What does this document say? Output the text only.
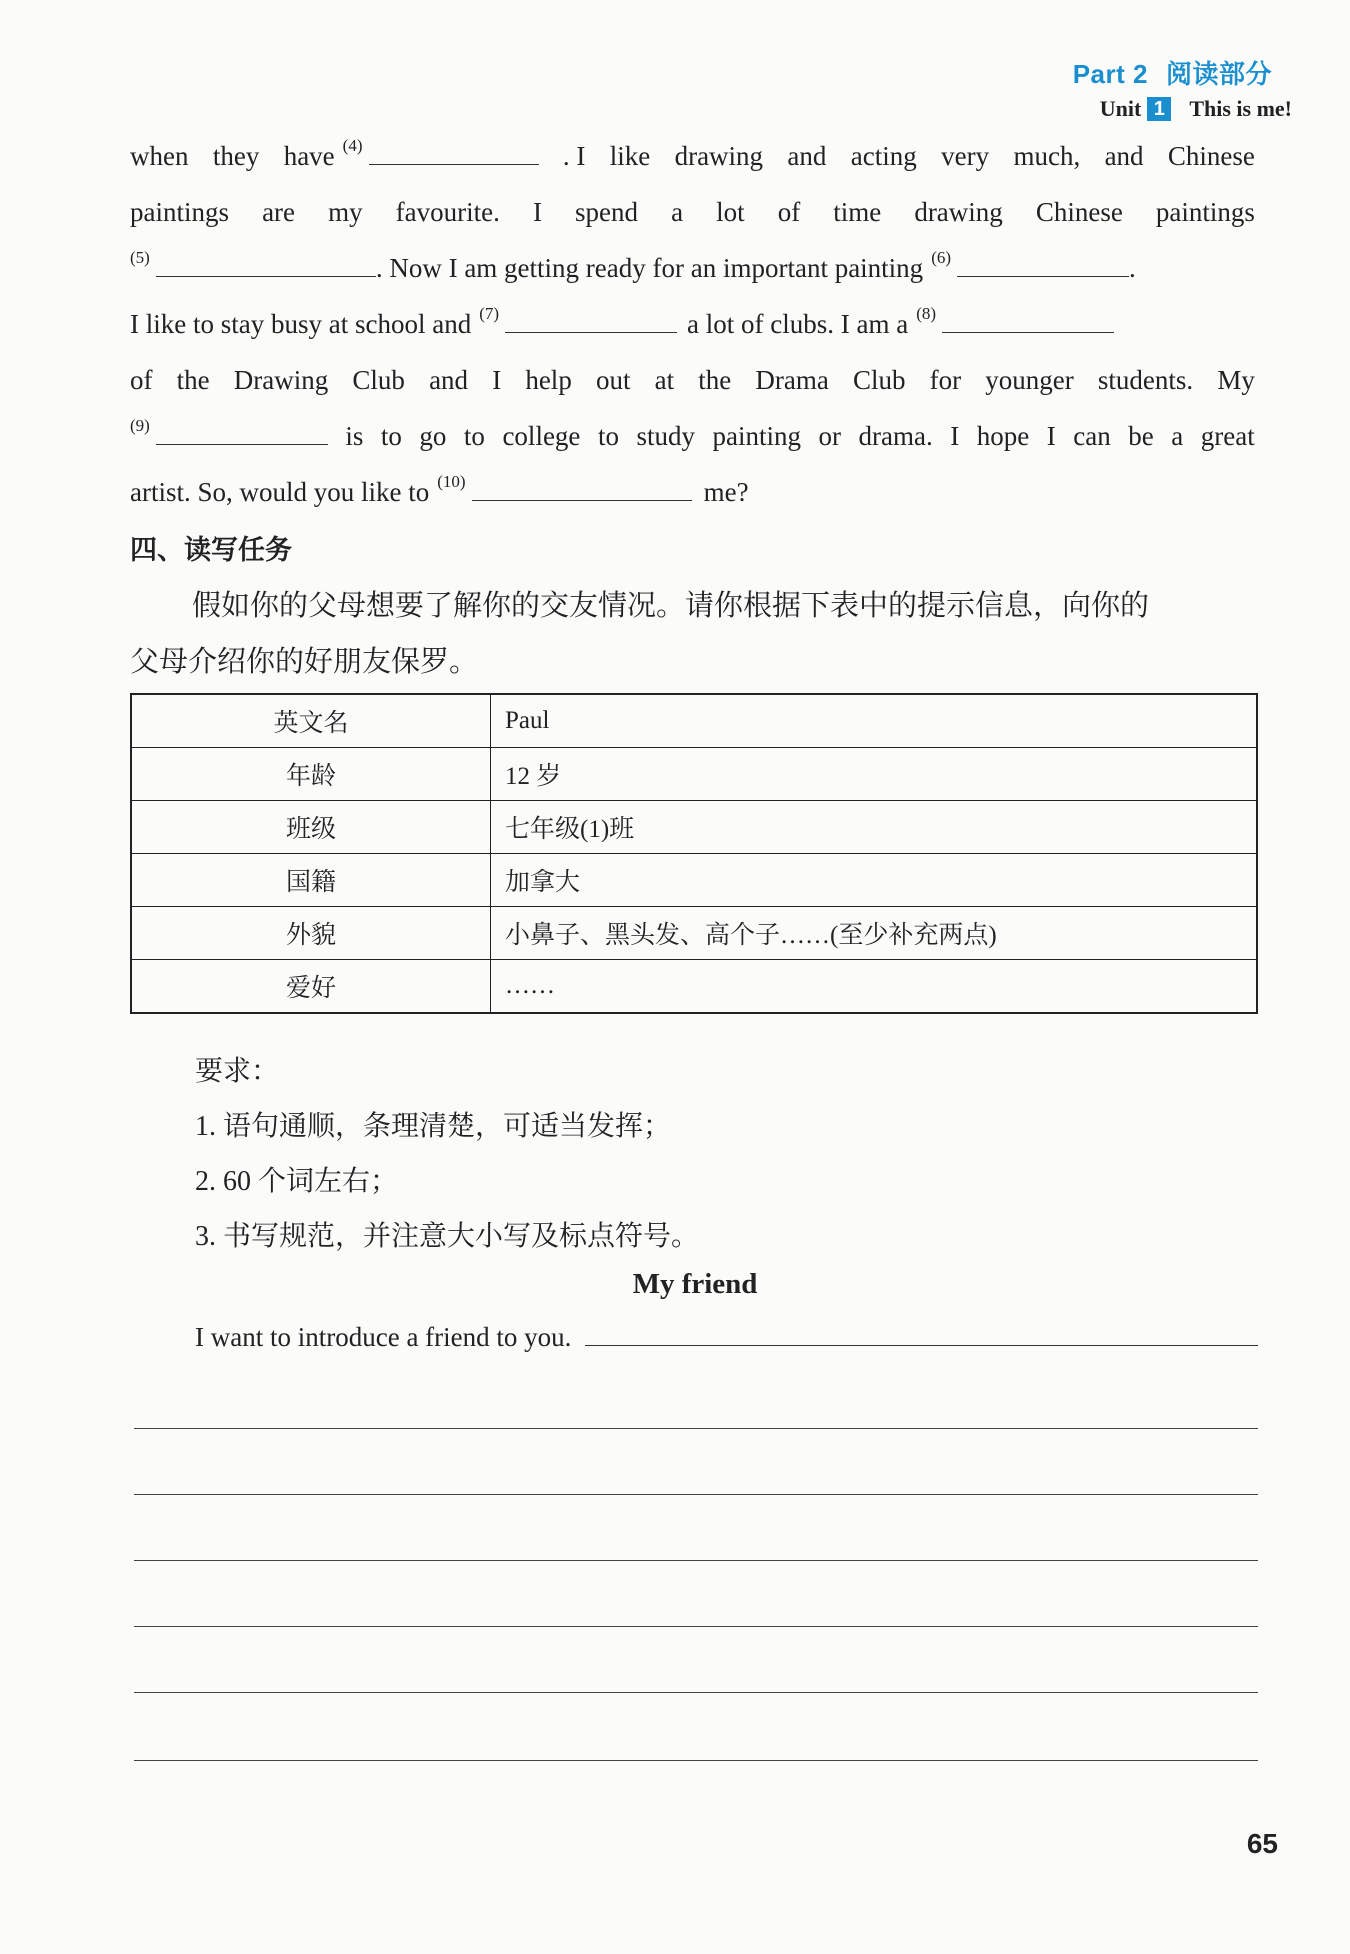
Part 2 阅读部分
Unit 1 This is me!
when they have $^{(4)}$	. I like drawing and acting very much, and Chinese
paintings are my favourite. I spend a lot of time drawing Chinese paintings
(5)	. Now I am getting ready for an important painting (6)	.
I like to stay busy at school and (7)	a lot of clubs. I am a (8)
of the Drawing Club and I help out at the Drama Club for younger students. My
$^{(9)}$	is to go to college to study painting or drama. I hope I can be a great
artist. So, would you like to (10)	me?
四、读写任务
假如你的父母想要了解你的交友情况。请你根据下表中的提示信息，向你的
父母介绍你的好朋友保罗。
英文名	Paul
年龄	12 岁
班级	七年级(1)班
国籍	加拿大
外貌	小鼻子、黑头发、高个子……(至少补充两点)
爱好	……
要求：
1. 语句通顺，条理清楚，可适当发挥；
2. 60 个词左右；
3. 书写规范，并注意大小写及标点符号。
My friend
I want to introduce a friend to you.
65
